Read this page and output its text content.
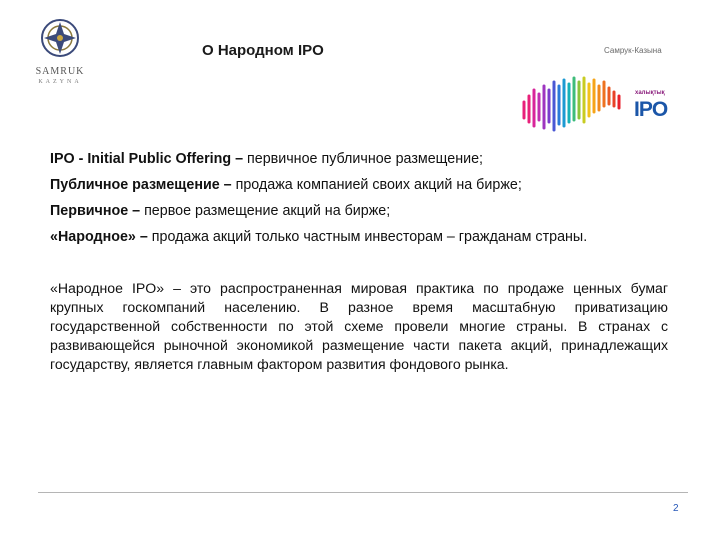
SAMRUK
KAZYNA
О Народном IPO	Самрук-Казына
халықтық
IPO
IPO - Initial Public Offering – первичное публичное размещение;
Публичное размещение – продажа компанией своих акций на бирже;
Первичное – первое размещение акций на бирже;
«Народное» – продажа акций только частным инвесторам – гражданам страны.
«Народное IPO» – это распространенная мировая практика по продаже ценных бумаг крупных госкомпаний населению. В разное время масштабную приватизацию государственной собственности по этой схеме провели многие страны. В странах с развивающейся рыночной экономикой размещение части пакета акций, принадлежащих государству, является главным фактором развития фондового рынка.
2
